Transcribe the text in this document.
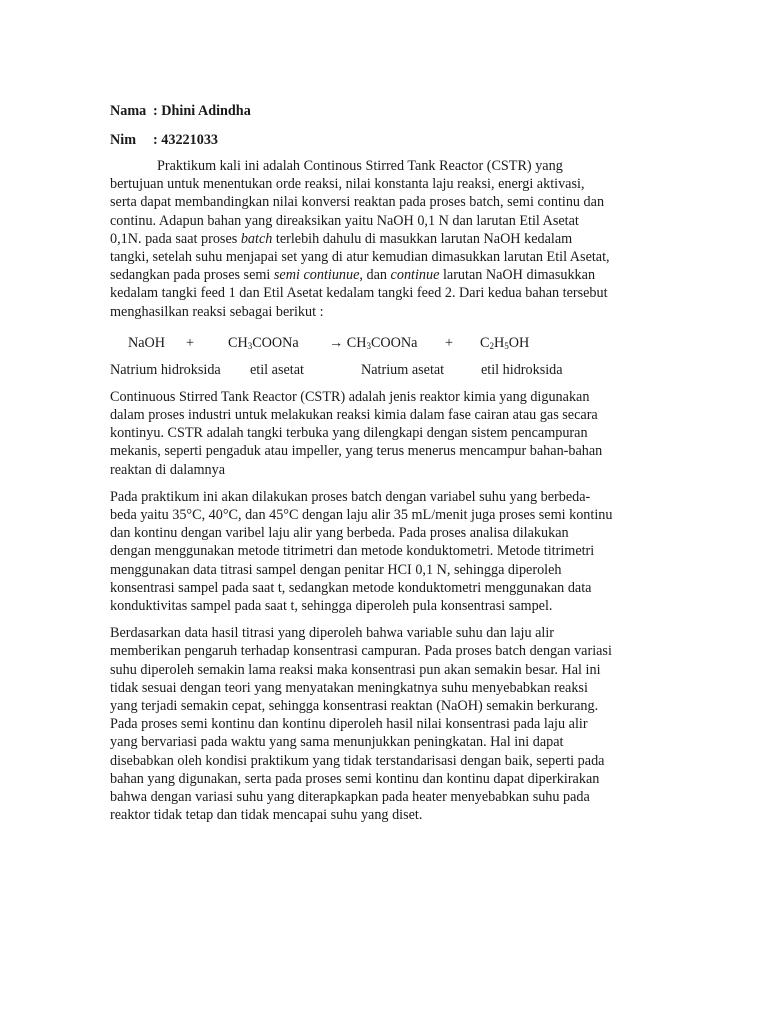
Nama : Dhini Adindha
Nim	: 43221033

Praktikum kali ini adalah Continous Stirred Tank Reactor (CSTR) yang
bertujuan untuk menentukan orde reaksi, nilai konstanta laju reaksi, energi aktivasi,
serta dapat membandingkan nilai konversi reaktan pada proses batch, semi continu dan
continu. Adapun bahan yang direaksikan yaitu NaOH 0,1 N dan larutan Etil Asetat
0,1N. pada saat proses batch terlebih dahulu di masukkan larutan NaOH kedalam
tangki, setelah suhu menjapai set yang di atur kemudian dimasukkan larutan Etil Asetat,
sedangkan pada proses semi semi contiunue, dan continue larutan NaOH dimasukkan
kedalam tangki feed 1 dan Etil Asetat kedalam tangki feed 2. Dari kedua bahan tersebut
menghasilkan reaksi sebagai berikut :

NaOH	+	$CH_3COONa$	→ $CH_3COONa$	+	$C_2H_5OH$
Natrium hidroksida	etil asetat	Natrium asetat	etil hidroksida

Continuous Stirred Tank Reactor (CSTR) adalah jenis reaktor kimia yang digunakan
dalam proses industri untuk melakukan reaksi kimia dalam fase cairan atau gas secara
kontinyu. CSTR adalah tangki terbuka yang dilengkapi dengan sistem pencampuran
mekanis, seperti pengaduk atau impeller, yang terus menerus mencampur bahan-bahan
reaktan di dalamnya

Pada praktikum ini akan dilakukan proses batch dengan variabel suhu yang berbeda-
beda yaitu 35°C, 40°C, dan 45°C dengan laju alir 35 mL/menit juga proses semi kontinu
dan kontinu dengan varibel laju alir yang berbeda. Pada proses analisa dilakukan
dengan menggunakan metode titrimetri dan metode konduktometri. Metode titrimetri
menggunakan data titrasi sampel dengan penitar HCI 0,1 N, sehingga diperoleh
konsentrasi sampel pada saat t, sedangkan metode konduktometri menggunakan data
konduktivitas sampel pada saat t, sehingga diperoleh pula konsentrasi sampel.

Berdasarkan data hasil titrasi yang diperoleh bahwa variable suhu dan laju alir
memberikan pengaruh terhadap konsentrasi campuran. Pada proses batch dengan variasi
suhu diperoleh semakin lama reaksi maka konsentrasi pun akan semakin besar. Hal ini
tidak sesuai dengan teori yang menyatakan meningkatnya suhu menyebabkan reaksi
yang terjadi semakin cepat, sehingga konsentrasi reaktan (NaOH) semakin berkurang.
Pada proses semi kontinu dan kontinu diperoleh hasil nilai konsentrasi pada laju alir
yang bervariasi pada waktu yang sama menunjukkan peningkatan. Hal ini dapat
disebabkan oleh kondisi praktikum yang tidak terstandarisasi dengan baik, seperti pada
bahan yang digunakan, serta pada proses semi kontinu dan kontinu dapat diperkirakan
bahwa dengan variasi suhu yang diterapkapkan pada heater menyebabkan suhu pada
reaktor tidak tetap dan tidak mencapai suhu yang diset.
